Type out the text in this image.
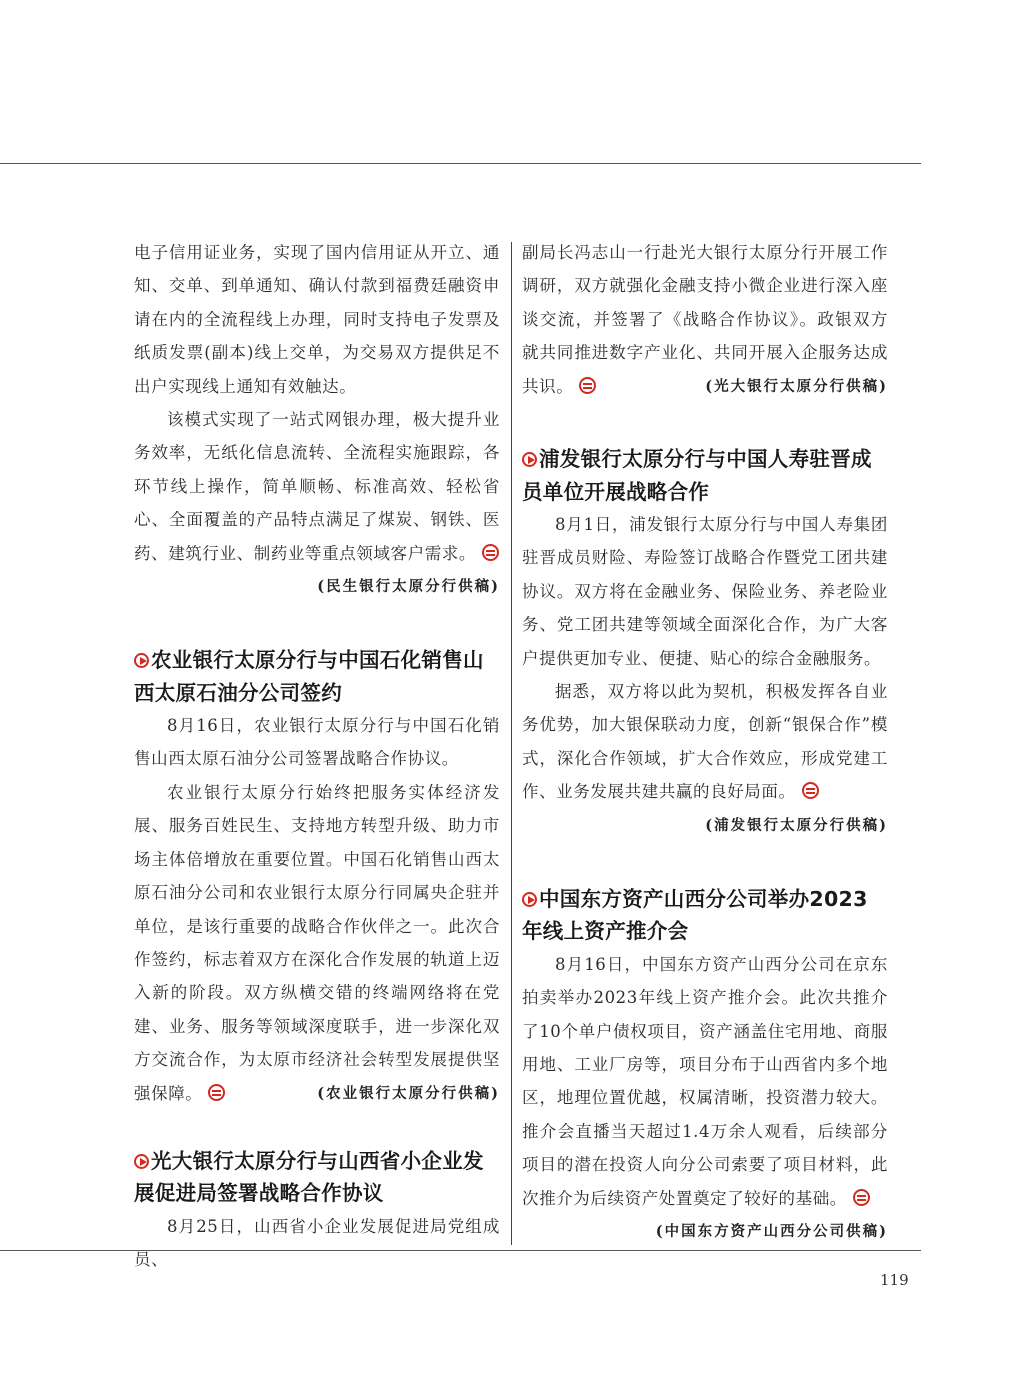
电子信用证业务，实现了国内信用证从开立、通知、交单、到单通知、确认付款到福费廷融资申请在内的全流程线上办理，同时支持电子发票及纸质发票(副本)线上交单，为交易双方提供足不出户实现线上通知有效触达。

该模式实现了一站式网银办理，极大提升业务效率，无纸化信息流转、全流程实施跟踪，各环节线上操作，简单顺畅、标准高效、轻松省心、全面覆盖的产品特点满足了煤炭、钢铁、医药、建筑行业、制药业等重点领域客户需求。

(民生银行太原分行供稿)

农业银行太原分行与中国石化销售山西太原石油分公司签约

8月16日，农业银行太原分行与中国石化销售山西太原石油分公司签署战略合作协议。

农业银行太原分行始终把服务实体经济发展、服务百姓民生、支持地方转型升级、助力市场主体倍增放在重要位置。中国石化销售山西太原石油分公司和农业银行太原分行同属央企驻并单位，是该行重要的战略合作伙伴之一。此次合作签约，标志着双方在深化合作发展的轨道上迈入新的阶段。双方纵横交错的终端网络将在党建、业务、服务等领域深度联手，进一步深化双方交流合作，为太原市经济社会转型发展提供坚强保障。	(农业银行太原分行供稿)

光大银行太原分行与山西省小企业发展促进局签署战略合作协议

8月25日，山西省小企业发展促进局党组成员、

副局长冯志山一行赴光大银行太原分行开展工作调研，双方就强化金融支持小微企业进行深入座谈交流，并签署了《战略合作协议》。政银双方就共同推进数字产业化、共同开展入企服务达成共识。	(光大银行太原分行供稿)

浦发银行太原分行与中国人寿驻晋成员单位开展战略合作

8月1日，浦发银行太原分行与中国人寿集团驻晋成员财险、寿险签订战略合作暨党工团共建协议。双方将在金融业务、保险业务、养老险业务、党工团共建等领域全面深化合作，为广大客户提供更加专业、便捷、贴心的综合金融服务。

据悉，双方将以此为契机，积极发挥各自业务优势，加大银保联动力度，创新“银保合作”模式，深化合作领域，扩大合作效应，形成党建工作、业务发展共建共赢的良好局面。

(浦发银行太原分行供稿)

中国东方资产山西分公司举办2023年线上资产推介会

8月16日，中国东方资产山西分公司在京东拍卖举办2023年线上资产推介会。此次共推介了10个单户债权项目，资产涵盖住宅用地、商服用地、工业厂房等，项目分布于山西省内多个地区，地理位置优越，权属清晰，投资潜力较大。推介会直播当天超过1.4万余人观看，后续部分项目的潜在投资人向分公司索要了项目材料，此次推介为后续资产处置奠定了较好的基础。

(中国东方资产山西分公司供稿)

119
